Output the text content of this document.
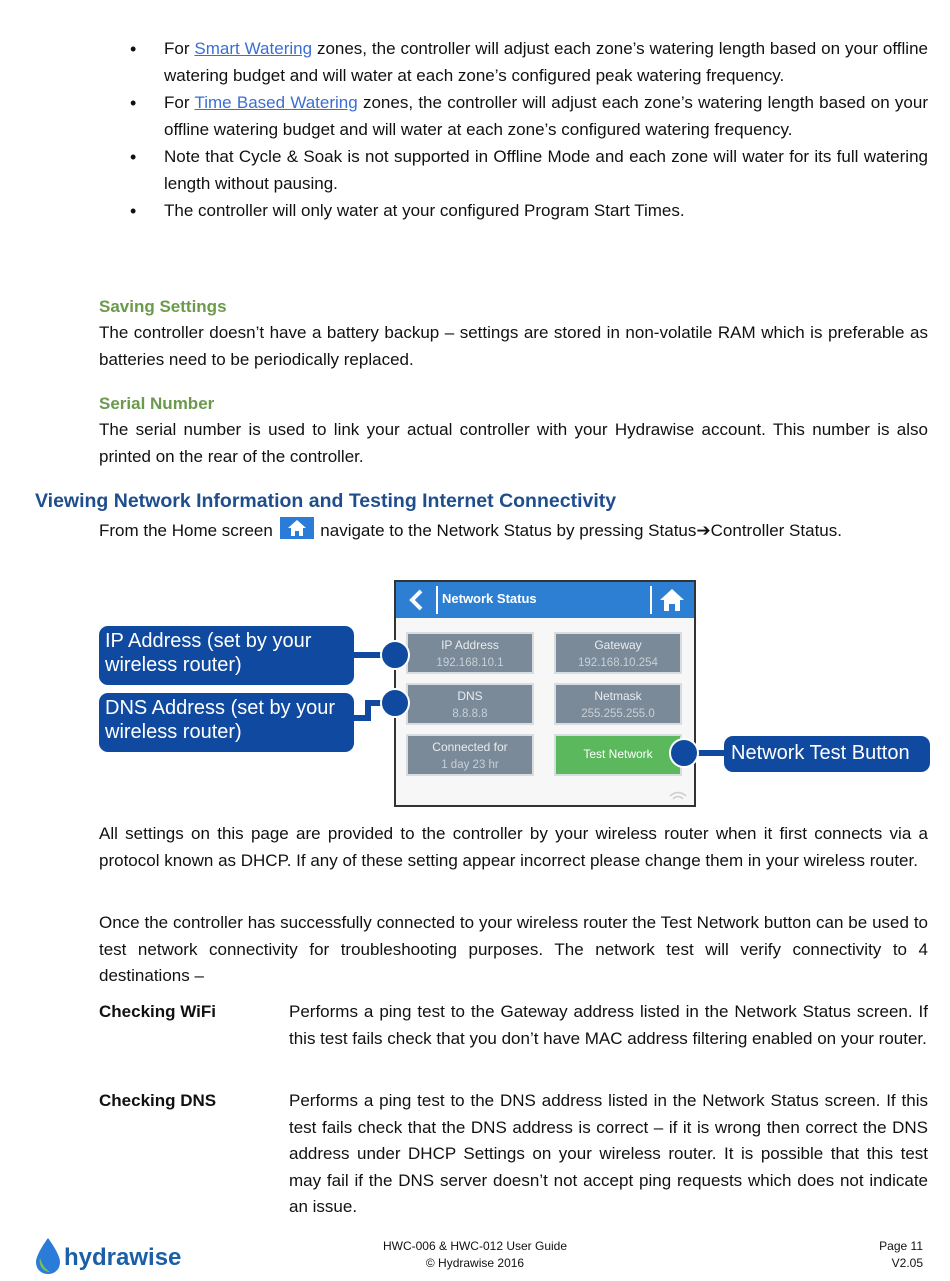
• For Smart Watering zones, the controller will adjust each zone’s watering length based on your offline watering budget and will water at each zone’s configured peak watering frequency.
• For Time Based Watering zones, the controller will adjust each zone’s watering length based on your offline watering budget and will water at each zone’s configured watering frequency.
• Note that Cycle & Soak is not supported in Offline Mode and each zone will water for its full watering length without pausing.
• The controller will only water at your configured Program Start Times.
Saving Settings

The controller doesn’t have a battery backup – settings are stored in non-volatile RAM which is preferable as batteries need to be periodically replaced.

Serial Number

The serial number is used to link your actual controller with your Hydrawise account. This number is also printed on the rear of the controller.

Viewing Network Information and Testing Internet Connectivity

From the Home screen
navigate to the Network Status by pressing Status➔Controller Status.

Network Status
IP Address
192.168.10.1
Gateway
192.168.10.254
DNS
8.8.8.8
Netmask
255.255.255.0
Connected for
1 day 23 hr
Test Network
IP Address (set by your wireless router)
DNS Address (set by your wireless router)
Network Test Button

All settings on this page are provided to the controller by your wireless router when it first connects via a protocol known as DHCP. If any of these setting appear incorrect please change them in your wireless router.

Once the controller has successfully connected to your wireless router the Test Network button can be used to test network connectivity for troubleshooting purposes. The network test will verify connectivity to 4 destinations –

Checking WiFi	Performs a ping test to the Gateway address listed in the Network Status screen. If this test fails check that you don’t have MAC address filtering enabled on your router.

Checking DNS	Performs a ping test to the DNS address listed in the Network Status screen. If this test fails check that the DNS address is correct – if it is wrong then correct the DNS address under DHCP Settings on your wireless router. It is possible that this test may fail if the DNS server doesn’t not accept ping requests which does not indicate an issue.

hydrawise	HWC-006 & HWC-012 User Guide
© Hydrawise 2016
Page 11
V2.05
